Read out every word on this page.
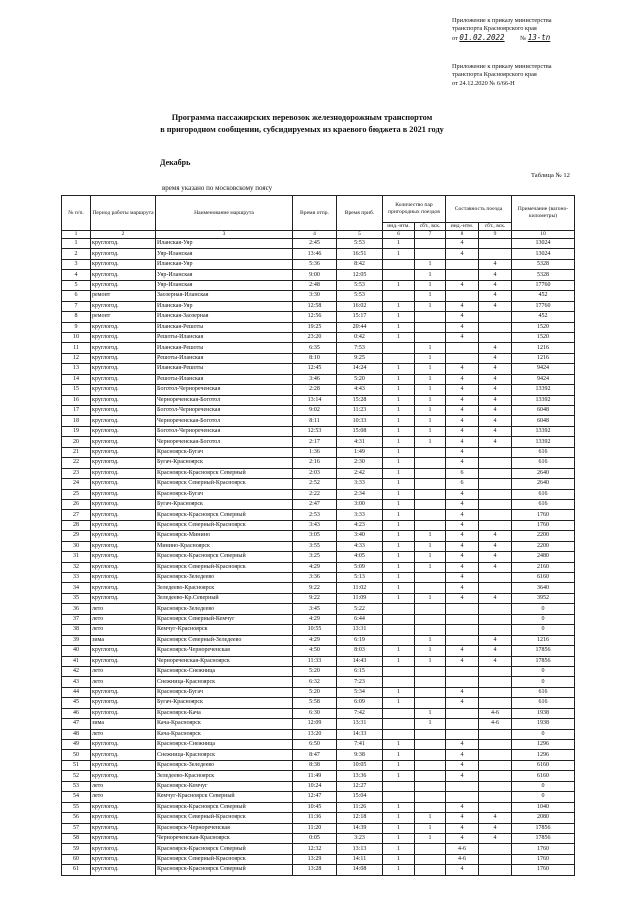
Приложение к приказу министерства
транспорта Красноярского края
от 01.02.2022 № 13-tn
Приложение к приказу министерства
транспорта Красноярского края
от 24.12.2020 № 6/66-Н
Программа пассажирских перевозок железнодорожным транспортом
в пригородном сообщении, субсидируемых из краевого бюджета в 2021 году
Декабрь
Таблица № 12
время указано по московскому поясу
№ п/п.	Период работы маршрута	Наименование маршрута	Время отпр.	Время приб.	Количество пар пригородных поездов		Составность поезда		Примечание (вагоно-километры)
					инд.-нтм.	сбт., вск.	инд.-нтм.	сбт., вск.	
1	2	3	4	5	6	7	8	9	10
1	круглогод.	Иланская-Уяр	2:45	5:53	1		4		13024
2	круглогод.	Уяр-Иланская	13:46	16:51	1		4		13024
3	круглогод.	Иланская-Уяр	5:36	8:42		1		4	5328
4	круглогод.	Уяр-Иланская	9:00	12:05		1		4	5328
5	круглогод.	Уяр-Иланская	2:48	5:53	1	1	4	4	17760
6	ремонт	Заозерная-Иланская	3:30	5:53		1		4	452
7	круглогод.	Иланская-Уяр	12:58	16:02	1	1	4	4	17760
8	ремонт	Иланская-Заозерная	12:56	15:17	1		4		452
9	круглогод.	Иланская-Решоты	19:25	20:44	1		4		1520
10	круглогод.	Решоты-Иланская	23:20	0:42	1		4		1520
11	круглогод.	Иланская-Решоты	6:35	7:53		1		4	1216
12	круглогод.	Решоты-Иланская	8:10	9:25		1		4	1216
13	круглогод.	Иланская-Решоты	12:45	14:24	1	1	4	4	9424
14	круглогод.	Решоты-Иланская	3:46	5:20	1	1	4	4	9424
15	круглогод.	Боготол-Чернореченская	2:28	4:43	1	1	4	4	13392
16	круглогод.	Чернореченская-Боготол	13:14	15:28	1	1	4	4	13392
17	круглогод.	Боготол-Чернореченская	9:02	11:23	1	1	4	4	6048
18	круглогод.	Чернореченская-Боготол	8:11	10:33	1	1	4	4	6048
19	круглогод.	Боготол-Чернореченская	12:53	15:08	1	1	4	4	13392
20	круглогод.	Чернореченская-Боготол	2:17	4:31	1	1	4	4	13392
21	круглогод.	Красноярск-Бугач	1:36	1:49	1		4		616
22	круглогод.	Бугач-Красноярск	2:16	2:30	1		4		616
23	круглогод.	Красноярск-Красноярск Северный	2:03	2:42	1		6		2640
24	круглогод.	Красноярск Северный-Красноярск	2:52	3:33	1		6		2640
25	круглогод.	Красноярск-Бугач	2:22	2:34	1		4		616
26	круглогод.	Бугач-Красноярск	2:47	3:00	1		4		616
27	круглогод.	Красноярск-Красноярск Северный	2:53	3:33	1		4		1760
28	круглогод.	Красноярск Северный-Красноярск	3:43	4:23	1		4		1760
29	круглогод.	Красноярск-Минино	3:05	3:40	1	1	4	4	2200
30	круглогод.	Минино-Красноярск	3:55	4:33	1	1	4	4	2200
31	круглогод.	Красноярск-Красноярск Северный	3:25	4:05	1	1	4	4	2480
32	круглогод.	Красноярск Северный-Красноярск	4:29	5:09	1	1	4	4	2160
33	круглогод.	Красноярск-Зеледеево	3:36	5:13	1		4		6160
34	круглогод.	Зеледеево-Красноярск	9:22	11:02	1		4		3640
35	круглогод.	Зеледеево-Кр.Северный	9:22	11:09	1	1	4	4	3952
36	лето	Красноярск-Зеледеево	3:45	5:22					0
37	лето	Красноярск Северный-Кемчуг	4:29	6:44					0
38	лето	Кемчуг-Красноярск	10:55	13:31					0
39	зима	Красноярск Северный-Зеледеево	4:29	6:19		1		4	1216
40	круглогод.	Красноярск-Чернореченская	4:50	8:03	1	1	4	4	17856
41	круглогод.	Чернореченская-Красноярск	11:33	14:43	1	1	4	4	17856
42	лето	Красноярск-Снежница	5:20	6:15					0
43	лето	Снежница-Красноярск	6:32	7:23					0
44	круглогод.	Красноярск-Бугач	5:20	5:34	1		4		616
45	круглогод.	Бугач-Красноярск	5:58	6:09	1		4		616
46	круглогод.	Красноярск-Кача	6:30	7:42		1		4-6	1938
47	зима	Кача-Красноярск	12:09	13:31		1		4-6	1938
48	лето	Кача-Красноярск	13:20	14:33					0
49	круглогод.	Красноярск-Снежница	6:50	7:41	1		4		1296
50	круглогод.	Снежница-Красноярск	8:47	9:38	1		4		1296
51	круглогод.	Красноярск-Зеледеево	8:38	10:05	1		4		6160
52	круглогод.	Зеледеево-Красноярск	11:49	13:36	1		4		6160
53	лето	Красноярск-Кемчуг	10:24	12:27					0
54	лето	Кемчуг-Красноярск Северный	12:47	15:04					0
55	круглогод.	Красноярск-Красноярск Северный	10:45	11:26	1		4		1040
56	круглогод.	Красноярск Северный-Красноярск	11:36	12:18	1	1	4	4	2080
57	круглогод.	Красноярск-Чернореченская	11:20	14:39	1	1	4	4	17856
58	круглогод.	Чернореченская-Красноярск	0:05	3:23	1	1	4	4	17856
59	круглогод.	Красноярск-Красноярск Северный	12:32	13:13	1		4-6		1760
60	круглогод.	Красноярск Северный-Красноярск	13:29	14:11	1		4-6		1760
61	круглогод.	Красноярск-Красноярск Северный	13:28	14:08	1		4		1760
